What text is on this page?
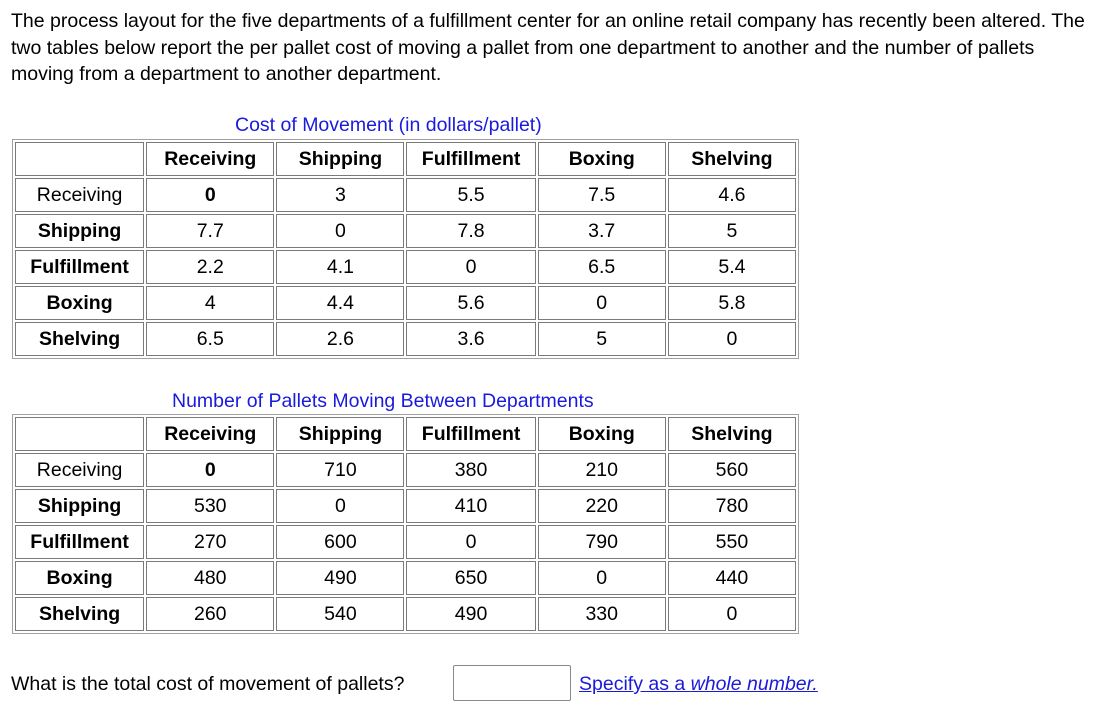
The process layout for the five departments of a fulfillment center for an online retail company has recently been altered. The two tables below report the per pallet cost of moving a pallet from one department to another and the number of pallets moving from a department to another department.

Cost of Movement (in dollars/pallet)
	Receiving	Shipping	Fulfillment	Boxing	Shelving
Receiving	0	3	5.5	7.5	4.6
Shipping	7.7	0	7.8	3.7	5
Fulfillment	2.2	4.1	0	6.5	5.4
Boxing	4	4.4	5.6	0	5.8
Shelving	6.5	2.6	3.6	5	0
Number of Pallets Moving Between Departments
	Receiving	Shipping	Fulfillment	Boxing	Shelving
Receiving	0	710	380	210	560
Shipping	530	0	410	220	780
Fulfillment	270	600	0	790	550
Boxing	480	490	650	0	440
Shelving	260	540	490	330	0
What is the total cost of movement of pallets?	Specify as a whole number.
